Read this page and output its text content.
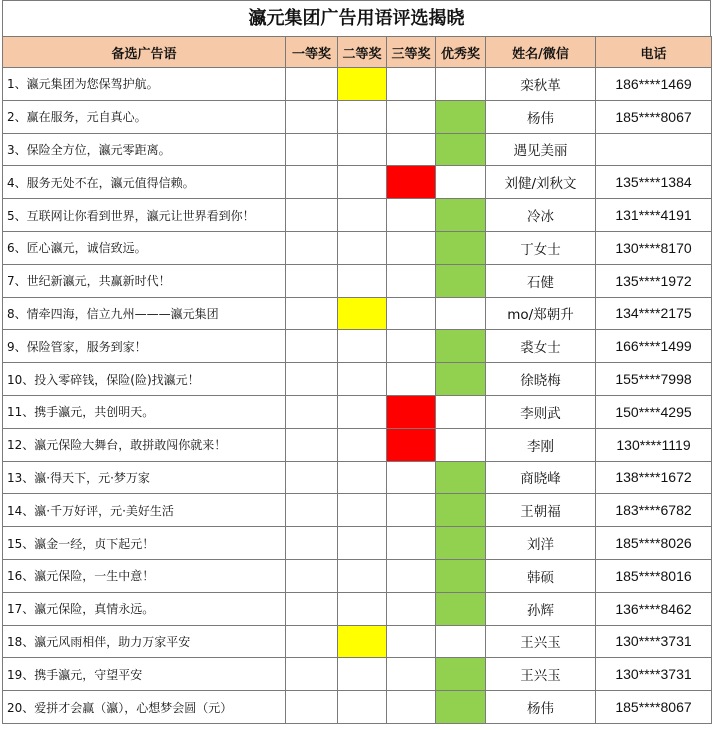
瀛元集团广告用语评选揭晓
备选广告语	一等奖	二等奖	三等奖	优秀奖	姓名/微信	电话
1、瀛元集团为您保驾护航。					栾秋革	186****1469
2、赢在服务，元自真心。					杨伟	185****8067
3、保险全方位，瀛元零距离。					遇见美丽	
4、服务无处不在，瀛元值得信赖。					刘健/刘秋文	135****1384
5、互联网让你看到世界，瀛元让世界看到你！					冷冰	131****4191
6、匠心瀛元，诚信致远。					丁女士	130****8170
7、世纪新瀛元，共赢新时代！					石健	135****1972
8、情牵四海，信立九州———瀛元集团					mo/郑朝升	134****2175
9、保险管家，服务到家！					裘女士	166****1499
10、投入零碎钱，保险(险)找瀛元！					徐晓梅	155****7998
11、携手瀛元，共创明天。					李则武	150****4295
12、瀛元保险大舞台，敢拼敢闯你就来！					李刚	130****1119
13、瀛·得天下，元·梦万家					商晓峰	138****1672
14、瀛·千万好评，元·美好生活					王朝福	183****6782
15、瀛金一经，贞下起元！					刘洋	185****8026
16、瀛元保险，一生中意！					韩硕	185****8016
17、瀛元保险，真情永远。					孙辉	136****8462
18、瀛元风雨相伴，助力万家平安					王兴玉	130****3731
19、携手瀛元，守望平安					王兴玉	130****3731
20、爱拼才会赢（瀛），心想梦会圆（元）					杨伟	185****8067
